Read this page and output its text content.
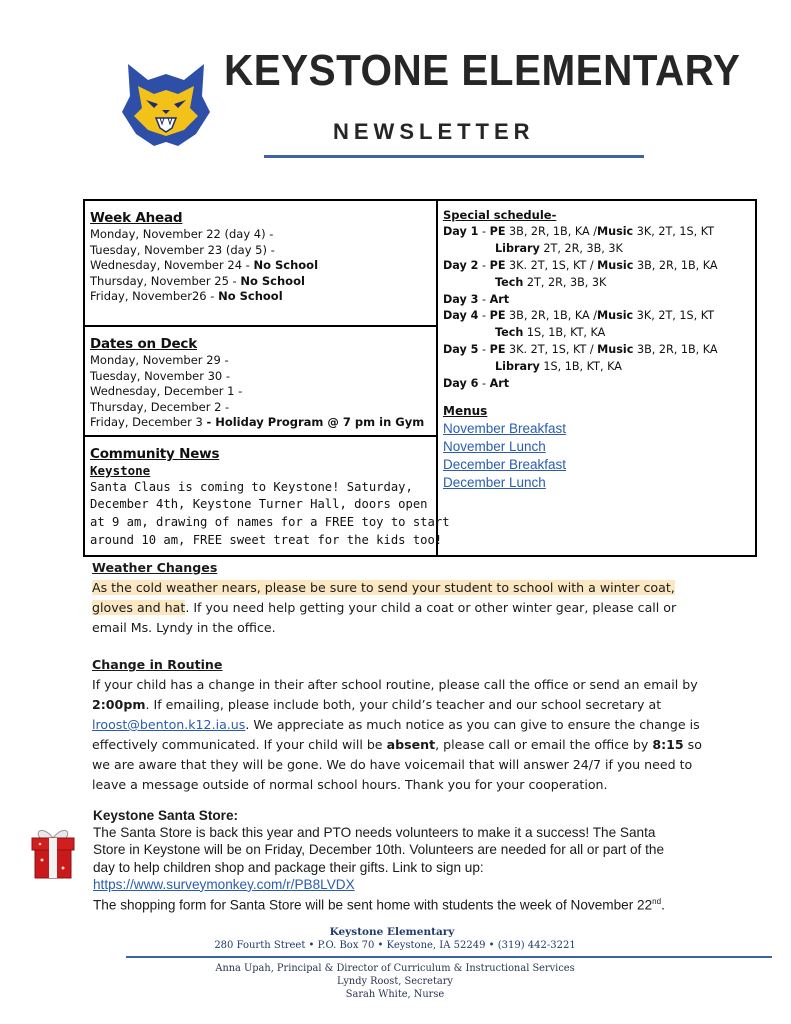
KEYSTONE ELEMENTARY
NEWSLETTER
Week Ahead
Monday, November 22 (day 4) -
Tuesday, November 23 (day 5) -
Wednesday, November 24 - No School
Thursday, November 25 - No School
Friday, November26 - No School
Dates on Deck
Monday, November 29 -
Tuesday, November 30 -
Wednesday, December 1 -
Thursday, December 2 -
Friday, December 3 - Holiday Program @ 7 pm in Gym
Community News
Keystone
Santa Claus is coming to Keystone! Saturday,
December 4th, Keystone Turner Hall, doors open
at 9 am, drawing of names for a FREE toy to start
around 10 am, FREE sweet treat for the kids too!
Special schedule-
Day 1 - PE 3B, 2R, 1B, KA /Music 3K, 2T, 1S, KT
Library 2T, 2R, 3B, 3K
Day 2 - PE 3K. 2T, 1S, KT / Music 3B, 2R, 1B, KA
Tech 2T, 2R, 3B, 3K
Day 3 - Art
Day 4 - PE 3B, 2R, 1B, KA /Music 3K, 2T, 1S, KT
Tech 1S, 1B, KT, KA
Day 5 - PE 3K. 2T, 1S, KT / Music 3B, 2R, 1B, KA
Library 1S, 1B, KT, KA
Day 6 - Art
Menus
November Breakfast
November Lunch
December Breakfast
December Lunch
Weather Changes
As the cold weather nears, please be sure to send your student to school with a winter coat,
gloves and hat. If you need help getting your child a coat or other winter gear, please call or
email Ms. Lyndy in the office.
Change in Routine
If your child has a change in their after school routine, please call the office or send an email by
2:00pm. If emailing, please include both, your child’s teacher and our school secretary at
lroost@benton.k12.ia.us. We appreciate as much notice as you can give to ensure the change is
effectively communicated. If your child will be absent, please call or email the office by 8:15 so
we are aware that they will be gone. We do have voicemail that will answer 24/7 if you need to
leave a message outside of normal school hours. Thank you for your cooperation.
Keystone Santa Store:
The Santa Store is back this year and PTO needs volunteers to make it a success! The Santa
Store in Keystone will be on Friday, December 10th. Volunteers are needed for all or part of the
day to help children shop and package their gifts. Link to sign up:
https://www.surveymonkey.com/r/PB8LVDX
The shopping form for Santa Store will be sent home with students the week of November 22nd.
Keystone Elementary
280 Fourth Street • P.O. Box 70 • Keystone, IA 52249 • (319) 442-3221
Anna Upah, Principal & Director of Curriculum & Instructional Services
Lyndy Roost, Secretary
Sarah White, Nurse
